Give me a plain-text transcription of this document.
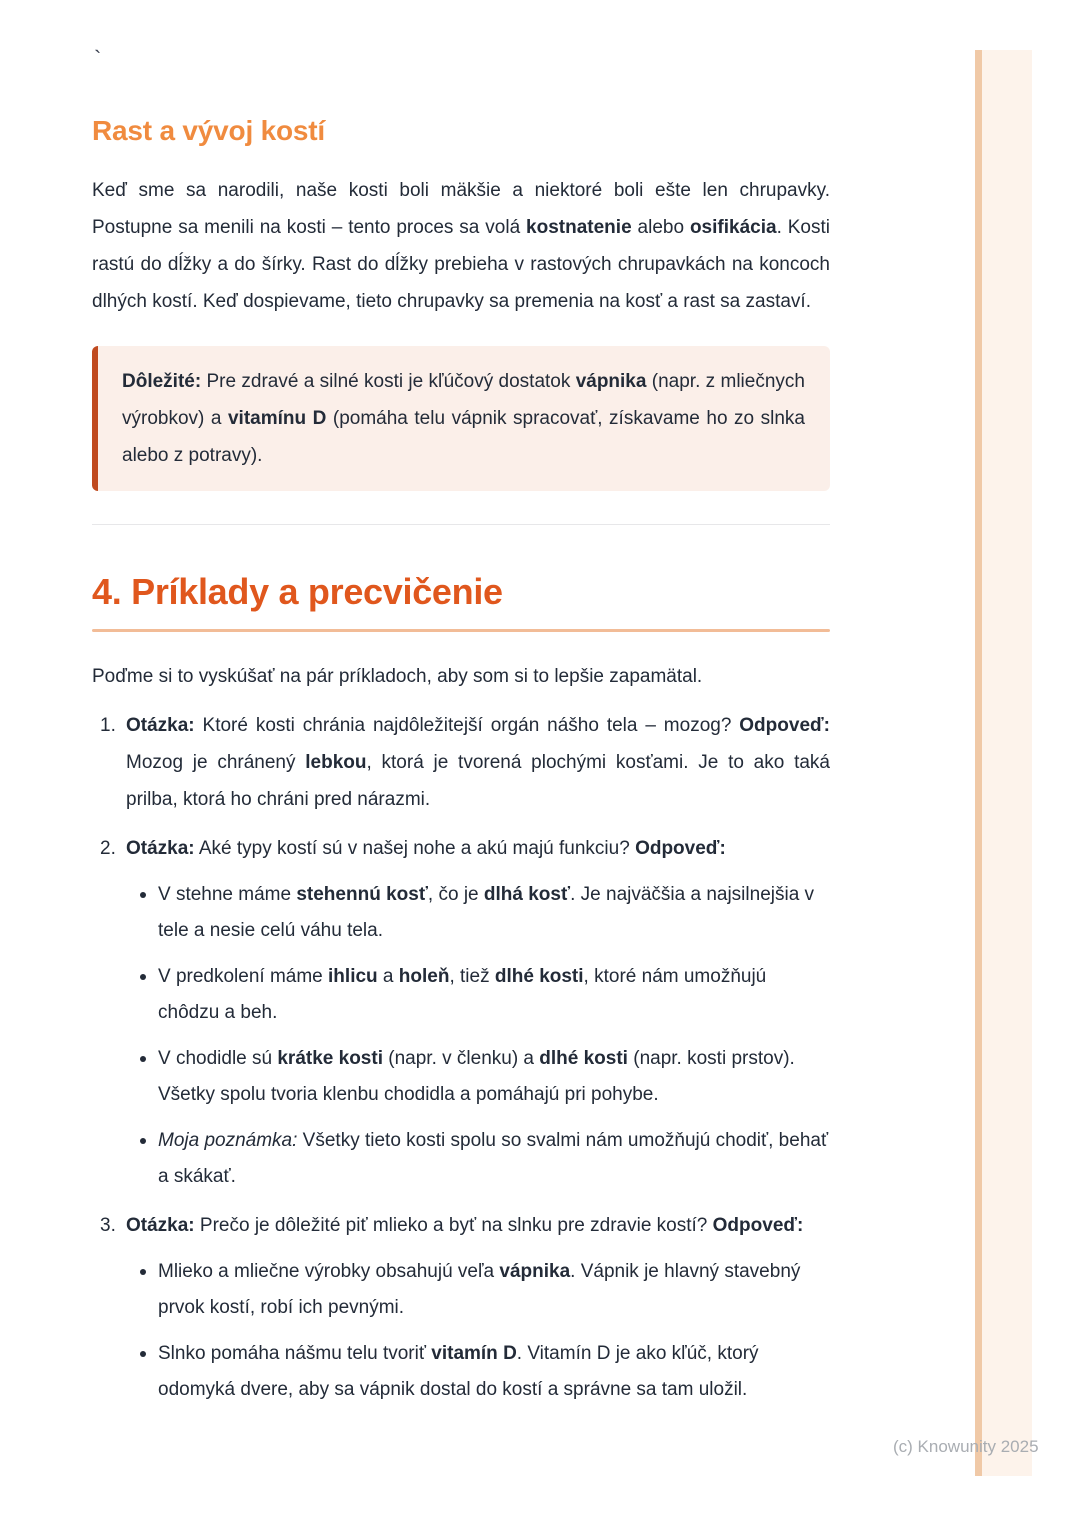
`
Rast a vývoj kostí

Keď sme sa narodili, naše kosti boli mäkšie a niektoré boli ešte len chrupavky. Postupne sa menili na kosti – tento proces sa volá kostnatenie alebo osifikácia. Kosti rastú do dĺžky a do šírky. Rast do dĺžky prebieha v rastových chrupavkách na koncoch dlhých kostí. Keď dospievame, tieto chrupavky sa premenia na kosť a rast sa zastaví.

Dôležité: Pre zdravé a silné kosti je kľúčový dostatok vápnika (napr. z mliečnych výrobkov) a vitamínu D (pomáha telu vápnik spracovať, získavame ho zo slnka alebo z potravy).

4. Príklady a precvičenie

Poďme si to vyskúšať na pár príkladoch, aby som si to lepšie zapamätal.

1. Otázka: Ktoré kosti chránia najdôležitejší orgán nášho tela – mozog? Odpoveď: Mozog je chránený lebkou, ktorá je tvorená plochými kosťami. Je to ako taká prilba, ktorá ho chráni pred nárazmi.

2. Otázka: Aké typy kostí sú v našej nohe a akú majú funkciu? Odpoveď:

V stehne máme stehennú kosť, čo je dlhá kosť. Je najväčšia a najsilnejšia v tele a nesie celú váhu tela.

V predkolení máme ihlicu a holeň, tiež dlhé kosti, ktoré nám umožňujú chôdzu a beh.

V chodidle sú krátke kosti (napr. v členku) a dlhé kosti (napr. kosti prstov). Všetky spolu tvoria klenbu chodidla a pomáhajú pri pohybe.

Moja poznámka: Všetky tieto kosti spolu so svalmi nám umožňujú chodiť, behať a skákať.

3. Otázka: Prečo je dôležité piť mlieko a byť na slnku pre zdravie kostí? Odpoveď:

Mlieko a mliečne výrobky obsahujú veľa vápnika. Vápnik je hlavný stavebný prvok kostí, robí ich pevnými.

Slnko pomáha nášmu telu tvoriť vitamín D. Vitamín D je ako kľúč, ktorý odomyká dvere, aby sa vápnik dostal do kostí a správne sa tam uložil.

(c) Knowunity 2025
